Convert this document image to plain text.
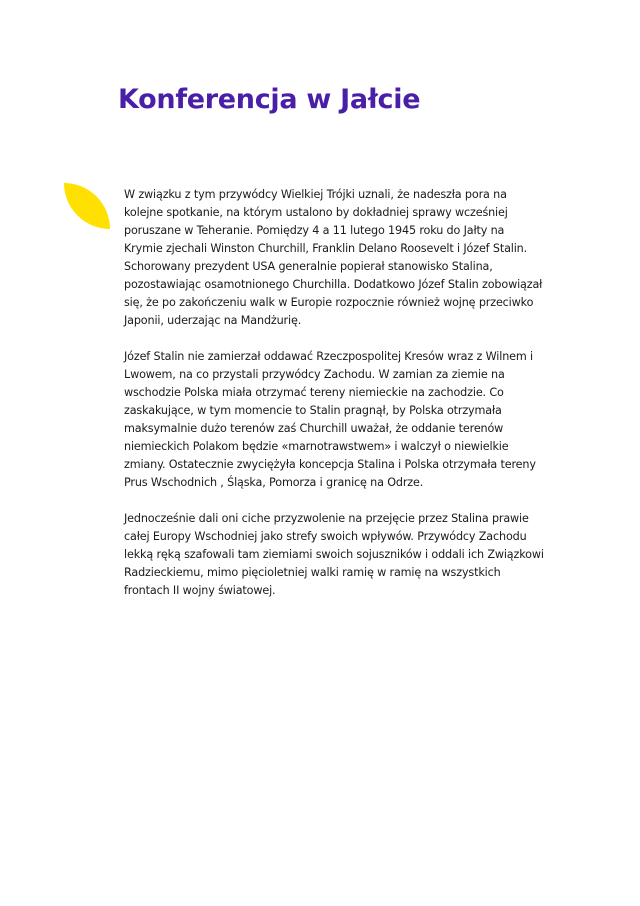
Konferencja w Jałcie

W związku z tym przywódcy Wielkiej Trójki uznali, że nadeszła pora na kolejne spotkanie, na którym ustalono by dokładniej sprawy wcześniej poruszane w Teheranie. Pomiędzy 4 a 11 lutego 1945 roku do Jałty na Krymie zjechali Winston Churchill, Franklin Delano Roosevelt i Józef Stalin. Schorowany prezydent USA generalnie popierał stanowisko Stalina, pozostawiając osamotnionego Churchilla. Dodatkowo Józef Stalin zobowiązał się, że po zakończeniu walk w Europie rozpocznie również wojnę przeciwko Japonii, uderzając na Mandżurię.

Józef Stalin nie zamierzał oddawać Rzeczpospolitej Kresów wraz z Wilnem i Lwowem, na co przystali przywódcy Zachodu. W zamian za ziemie na wschodzie Polska miała otrzymać tereny niemieckie na zachodzie. Co zaskakujące, w tym momencie to Stalin pragnął, by Polska otrzymała maksymalnie dużo terenów zaś Churchill uważał, że oddanie terenów niemieckich Polakom będzie «marnotrawstwem» i walczył o niewielkie zmiany. Ostatecznie zwyciężyła koncepcja Stalina i Polska otrzymała tereny Prus Wschodnich , Śląska, Pomorza i granicę na Odrze.

Jednocześnie dali oni ciche przyzwolenie na przejęcie przez Stalina prawie całej Europy Wschodniej jako strefy swoich wpływów. Przywódcy Zachodu lekką ręką szafowali tam ziemiami swoich sojuszników i oddali ich Związkowi Radzieckiemu, mimo pięcioletniej walki ramię w ramię na wszystkich frontach II wojny światowej.
